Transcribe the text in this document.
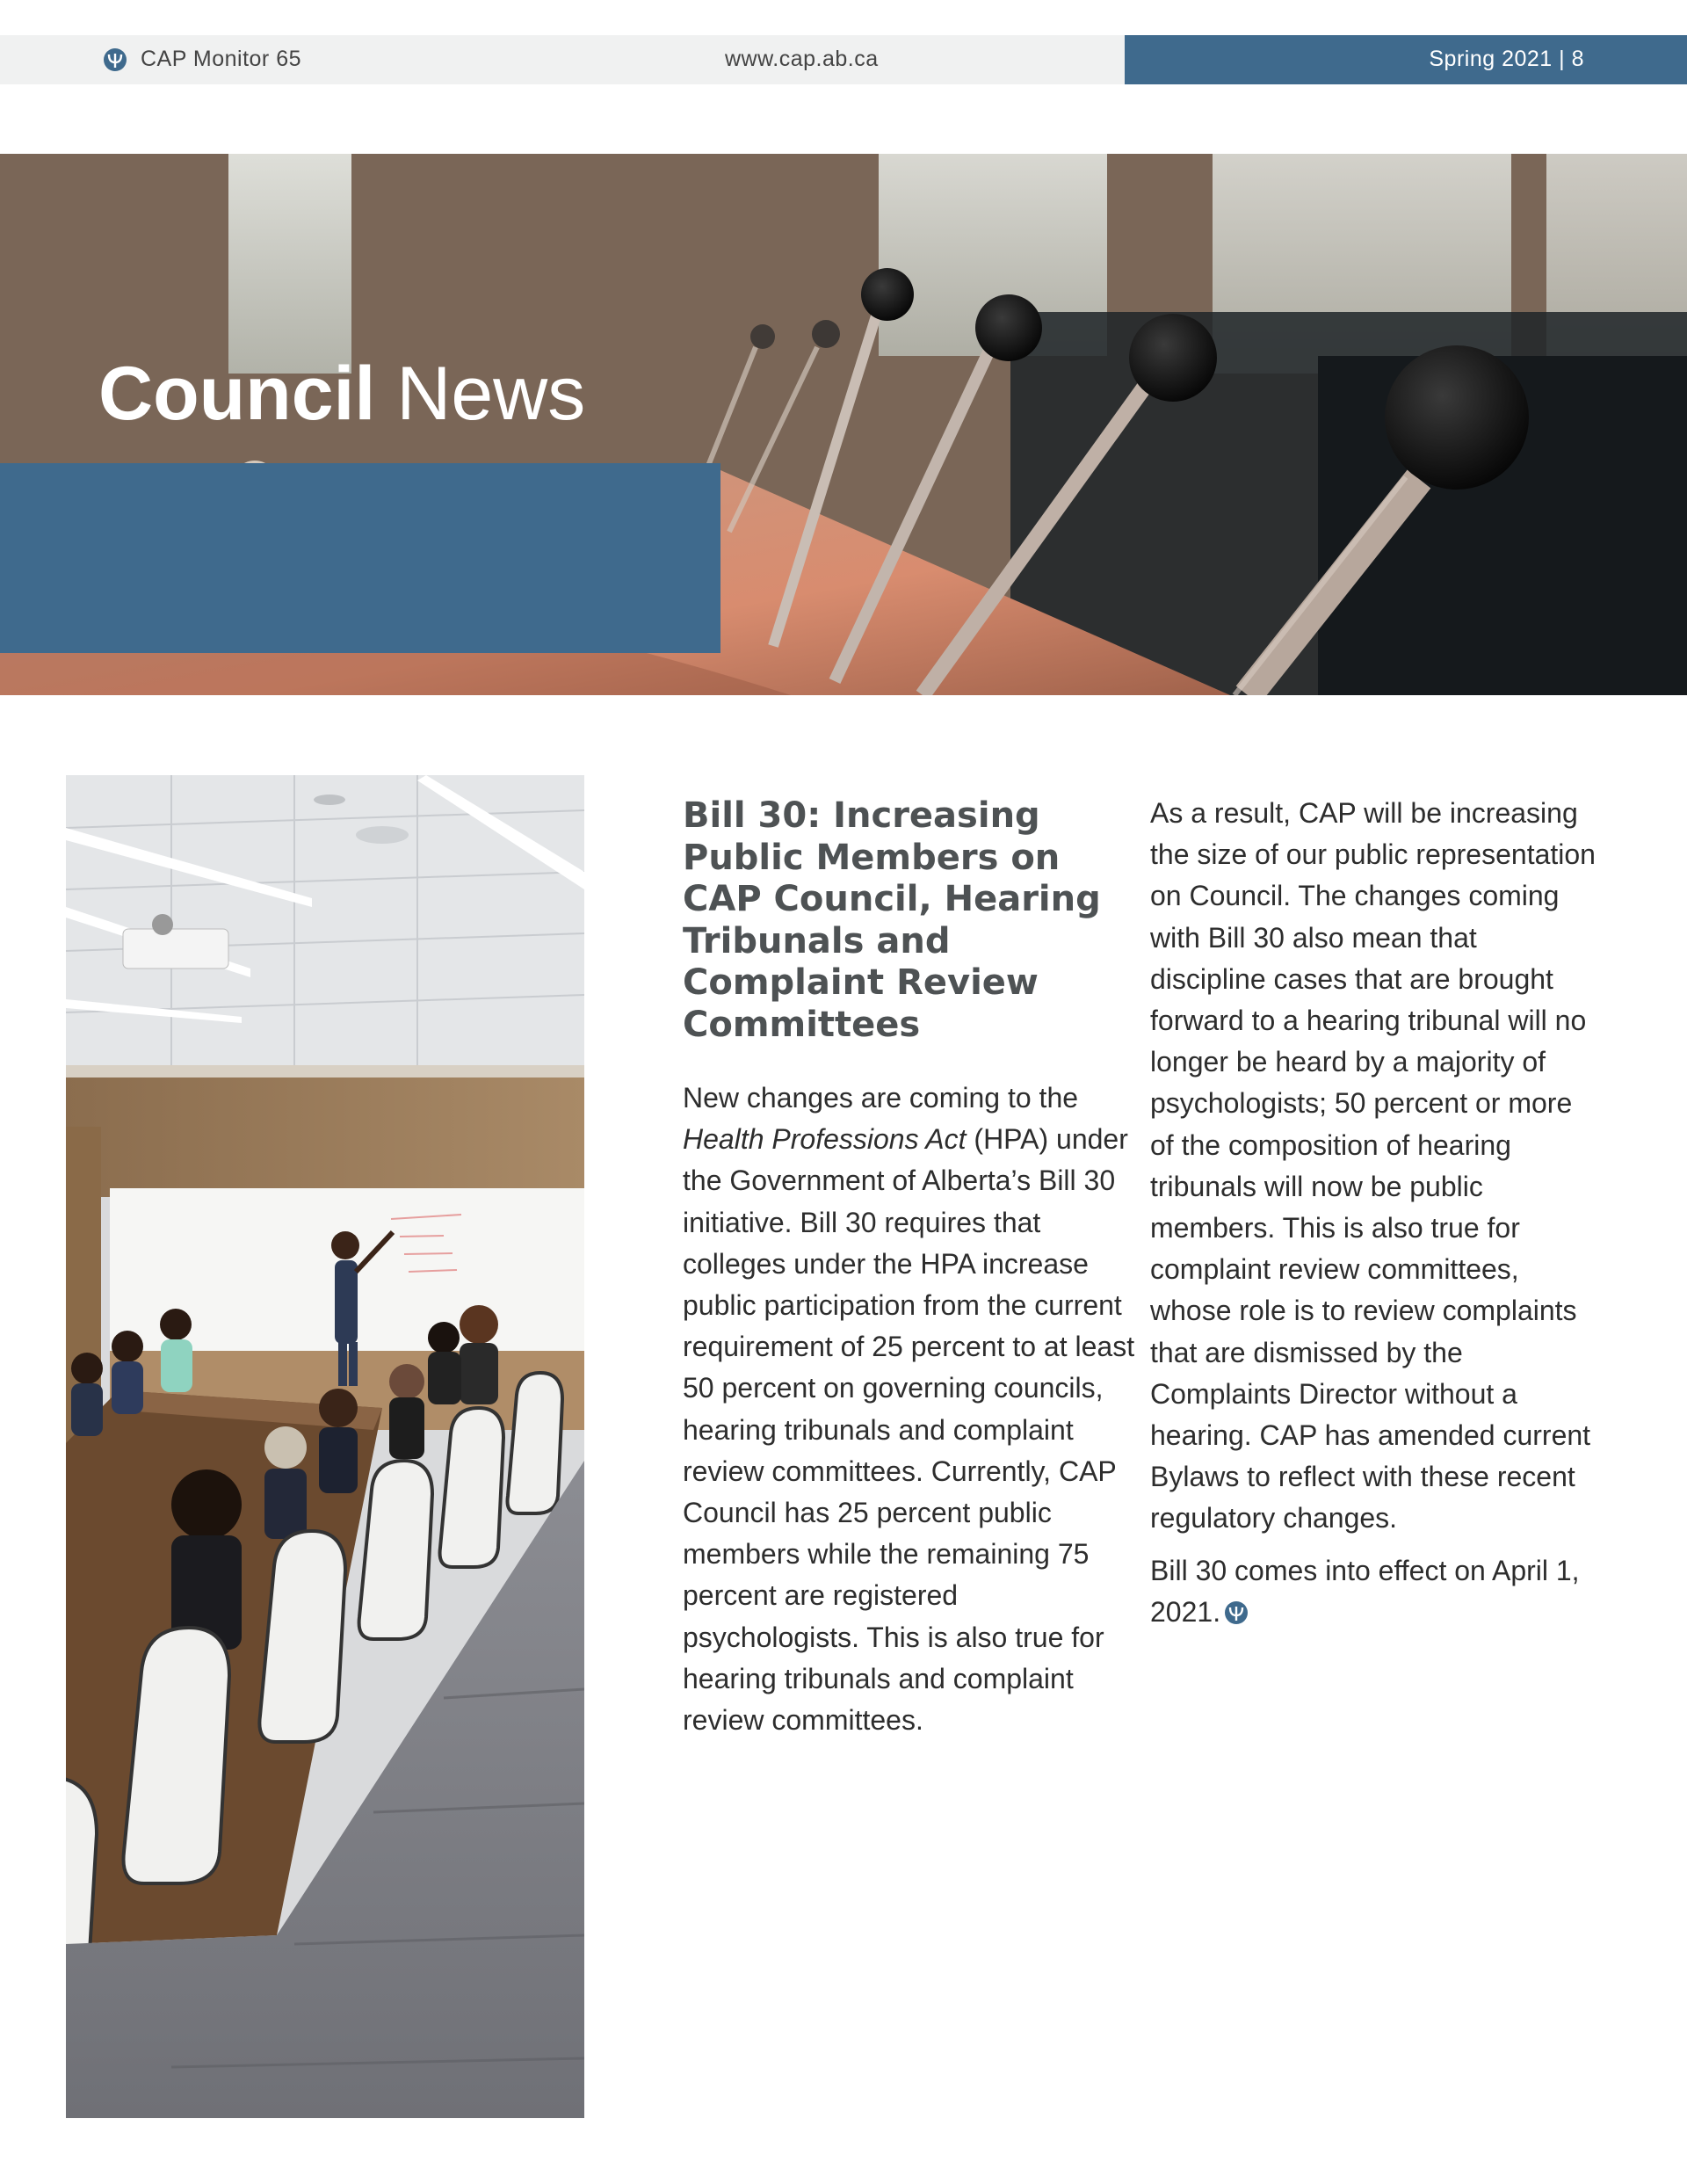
CAP Monitor 65	www.cap.ab.ca	Spring 2021 | 8
Council News
Bill 30: Increasing Public Members on CAP Council, Hearing Tribunals and Complaint Review Committees

New changes are coming to the Health Professions Act (HPA) under the Government of Alberta’s Bill 30 initiative. Bill 30 requires that colleges under the HPA increase public participation from the current requirement of 25 percent to at least 50 percent on governing councils, hearing tribunals and complaint review committees. Currently, CAP Council has 25 percent public members while the remaining 75 percent are registered psychologists. This is also true for hearing tribunals and complaint review committees.

As a result, CAP will be increasing the size of our public representation on Council. The changes coming with Bill 30 also mean that discipline cases that are brought forward to a hearing tribunal will no longer be heard by a majority of psychologists; 50 percent or more of the composition of hearing tribunals will now be public members. This is also true for complaint review committees, whose role is to review complaints that are dismissed by the Complaints Director without a hearing. CAP has amended current Bylaws to reflect with these recent regulatory changes.

Bill 30 comes into effect on April 1, 2021.
